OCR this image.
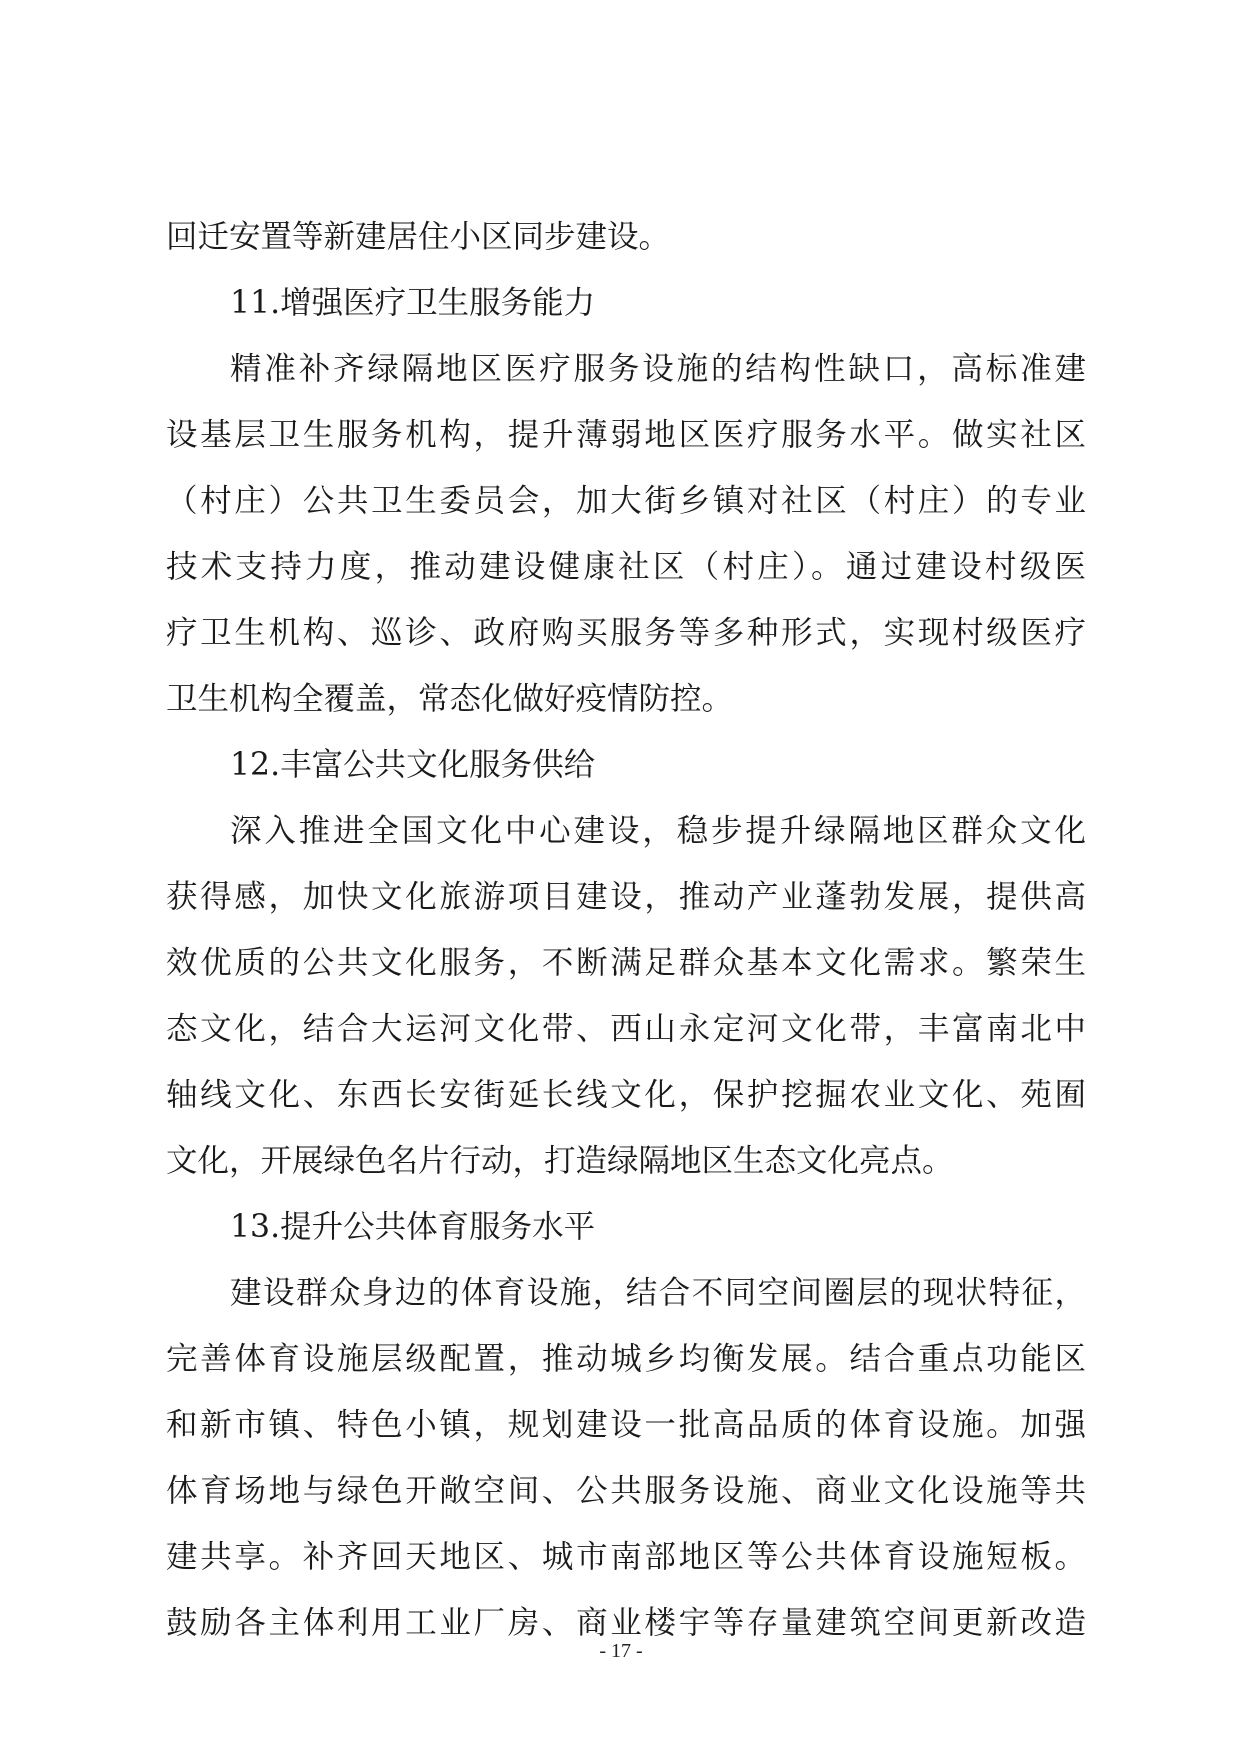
回迁安置等新建居住小区同步建设。
11.增强医疗卫生服务能力
精准补齐绿隔地区医疗服务设施的结构性缺口，高标准建
设基层卫生服务机构，提升薄弱地区医疗服务水平。做实社区
（村庄）公共卫生委员会，加大街乡镇对社区（村庄）的专业
技术支持力度，推动建设健康社区（村庄）。通过建设村级医
疗卫生机构、巡诊、政府购买服务等多种形式，实现村级医疗
卫生机构全覆盖，常态化做好疫情防控。
12.丰富公共文化服务供给
深入推进全国文化中心建设，稳步提升绿隔地区群众文化
获得感，加快文化旅游项目建设，推动产业蓬勃发展，提供高
效优质的公共文化服务，不断满足群众基本文化需求。繁荣生
态文化，结合大运河文化带、西山永定河文化带，丰富南北中
轴线文化、东西长安街延长线文化，保护挖掘农业文化、苑囿
文化，开展绿色名片行动，打造绿隔地区生态文化亮点。
13.提升公共体育服务水平
建设群众身边的体育设施，结合不同空间圈层的现状特征，
完善体育设施层级配置，推动城乡均衡发展。结合重点功能区
和新市镇、特色小镇，规划建设一批高品质的体育设施。加强
体育场地与绿色开敞空间、公共服务设施、商业文化设施等共
建共享。补齐回天地区、城市南部地区等公共体育设施短板。
鼓励各主体利用工业厂房、商业楼宇等存量建筑空间更新改造
- 17 -
